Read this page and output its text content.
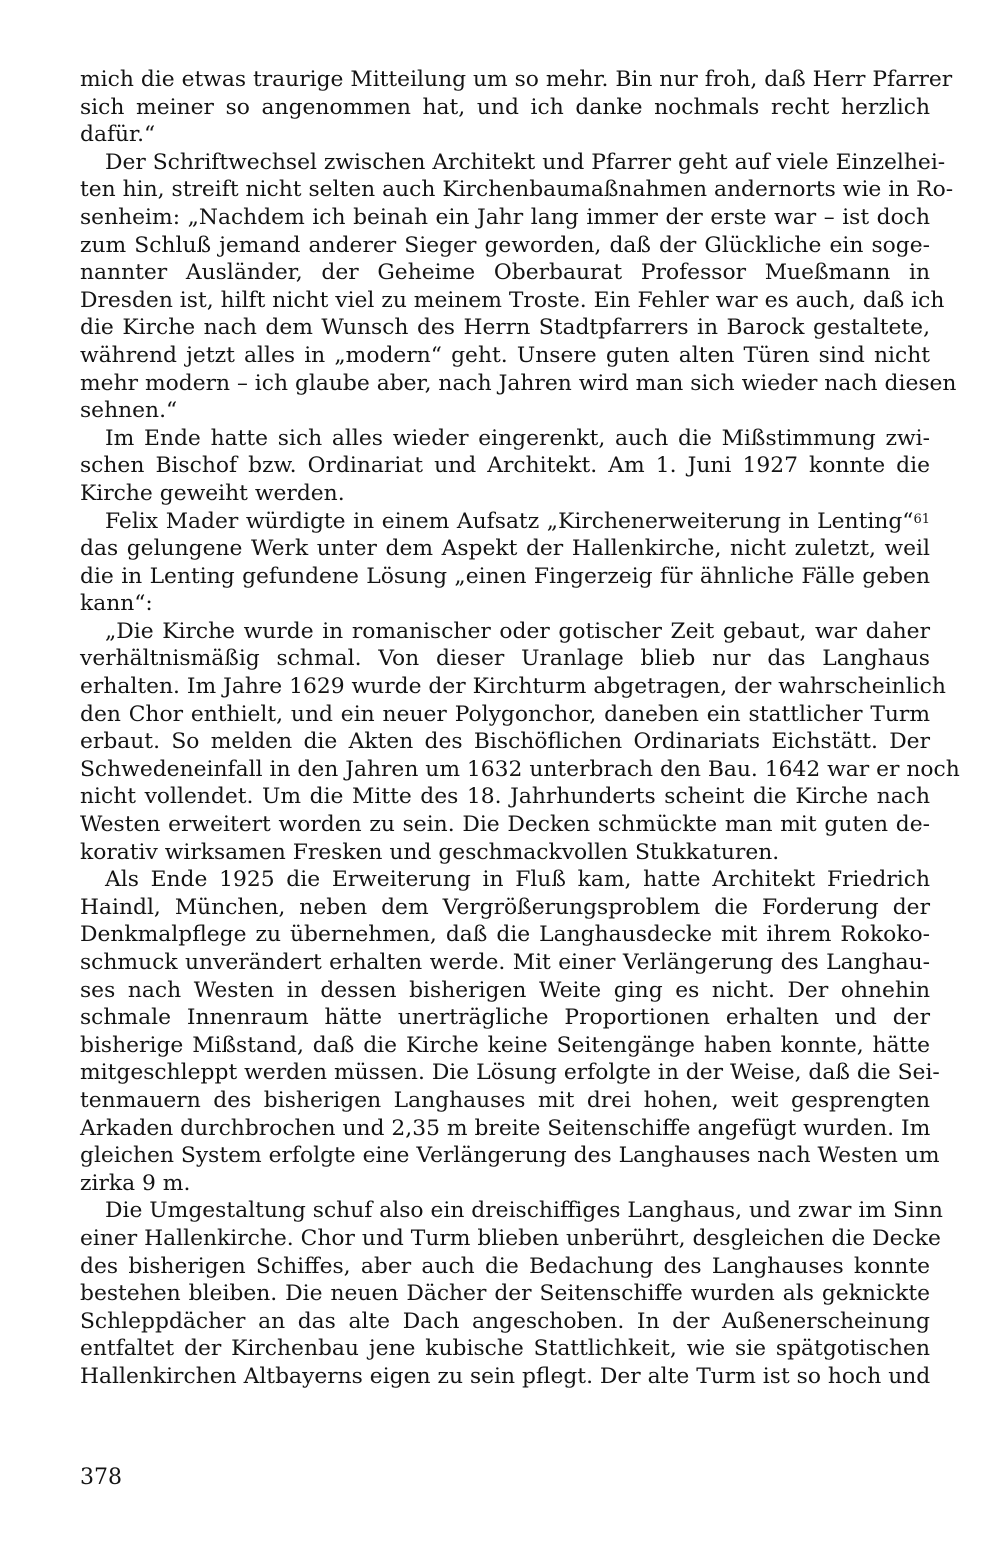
mich die etwas traurige Mitteilung um so mehr. Bin nur froh, daß Herr Pfarrer
sich meiner so angenommen hat, und ich danke nochmals recht herzlich
dafür.“
Der Schriftwechsel zwischen Architekt und Pfarrer geht auf viele Einzelhei-
ten hin, streift nicht selten auch Kirchenbaumaßnahmen andernorts wie in Ro-
senheim: „Nachdem ich beinah ein Jahr lang immer der erste war – ist doch
zum Schluß jemand anderer Sieger geworden, daß der Glückliche ein soge-
nannter Ausländer, der Geheime Oberbaurat Professor Mueßmann in
Dresden ist, hilft nicht viel zu meinem Troste. Ein Fehler war es auch, daß ich
die Kirche nach dem Wunsch des Herrn Stadtpfarrers in Barock gestaltete,
während jetzt alles in „modern“ geht. Unsere guten alten Türen sind nicht
mehr modern – ich glaube aber, nach Jahren wird man sich wieder nach diesen
sehnen.“
Im Ende hatte sich alles wieder eingerenkt, auch die Mißstimmung zwi-
schen Bischof bzw. Ordinariat und Architekt. Am 1. Juni 1927 konnte die
Kirche geweiht werden.
Felix Mader würdigte in einem Aufsatz „Kirchenerweiterung in Lenting“$^{61}$
das gelungene Werk unter dem Aspekt der Hallenkirche, nicht zuletzt, weil
die in Lenting gefundene Lösung „einen Fingerzeig für ähnliche Fälle geben
kann“:
„Die Kirche wurde in romanischer oder gotischer Zeit gebaut, war daher
verhältnismäßig schmal. Von dieser Uranlage blieb nur das Langhaus
erhalten. Im Jahre 1629 wurde der Kirchturm abgetragen, der wahrscheinlich
den Chor enthielt, und ein neuer Polygonchor, daneben ein stattlicher Turm
erbaut. So melden die Akten des Bischöflichen Ordinariats Eichstätt. Der
Schwedeneinfall in den Jahren um 1632 unterbrach den Bau. 1642 war er noch
nicht vollendet. Um die Mitte des 18. Jahrhunderts scheint die Kirche nach
Westen erweitert worden zu sein. Die Decken schmückte man mit guten de-
korativ wirksamen Fresken und geschmackvollen Stukkaturen.
Als Ende 1925 die Erweiterung in Fluß kam, hatte Architekt Friedrich
Haindl, München, neben dem Vergrößerungsproblem die Forderung der
Denkmalpflege zu übernehmen, daß die Langhausdecke mit ihrem Rokoko-
schmuck unverändert erhalten werde. Mit einer Verlängerung des Langhau-
ses nach Westen in dessen bisherigen Weite ging es nicht. Der ohnehin
schmale Innenraum hätte unerträgliche Proportionen erhalten und der
bisherige Mißstand, daß die Kirche keine Seitengänge haben konnte, hätte
mitgeschleppt werden müssen. Die Lösung erfolgte in der Weise, daß die Sei-
tenmauern des bisherigen Langhauses mit drei hohen, weit gesprengten
Arkaden durchbrochen und 2,35 m breite Seitenschiffe angefügt wurden. Im
gleichen System erfolgte eine Verlängerung des Langhauses nach Westen um
zirka 9 m.
Die Umgestaltung schuf also ein dreischiffiges Langhaus, und zwar im Sinn
einer Hallenkirche. Chor und Turm blieben unberührt, desgleichen die Decke
des bisherigen Schiffes, aber auch die Bedachung des Langhauses konnte
bestehen bleiben. Die neuen Dächer der Seitenschiffe wurden als geknickte
Schleppdächer an das alte Dach angeschoben. In der Außenerscheinung
entfaltet der Kirchenbau jene kubische Stattlichkeit, wie sie spätgotischen
Hallenkirchen Altbayerns eigen zu sein pflegt. Der alte Turm ist so hoch und
378
